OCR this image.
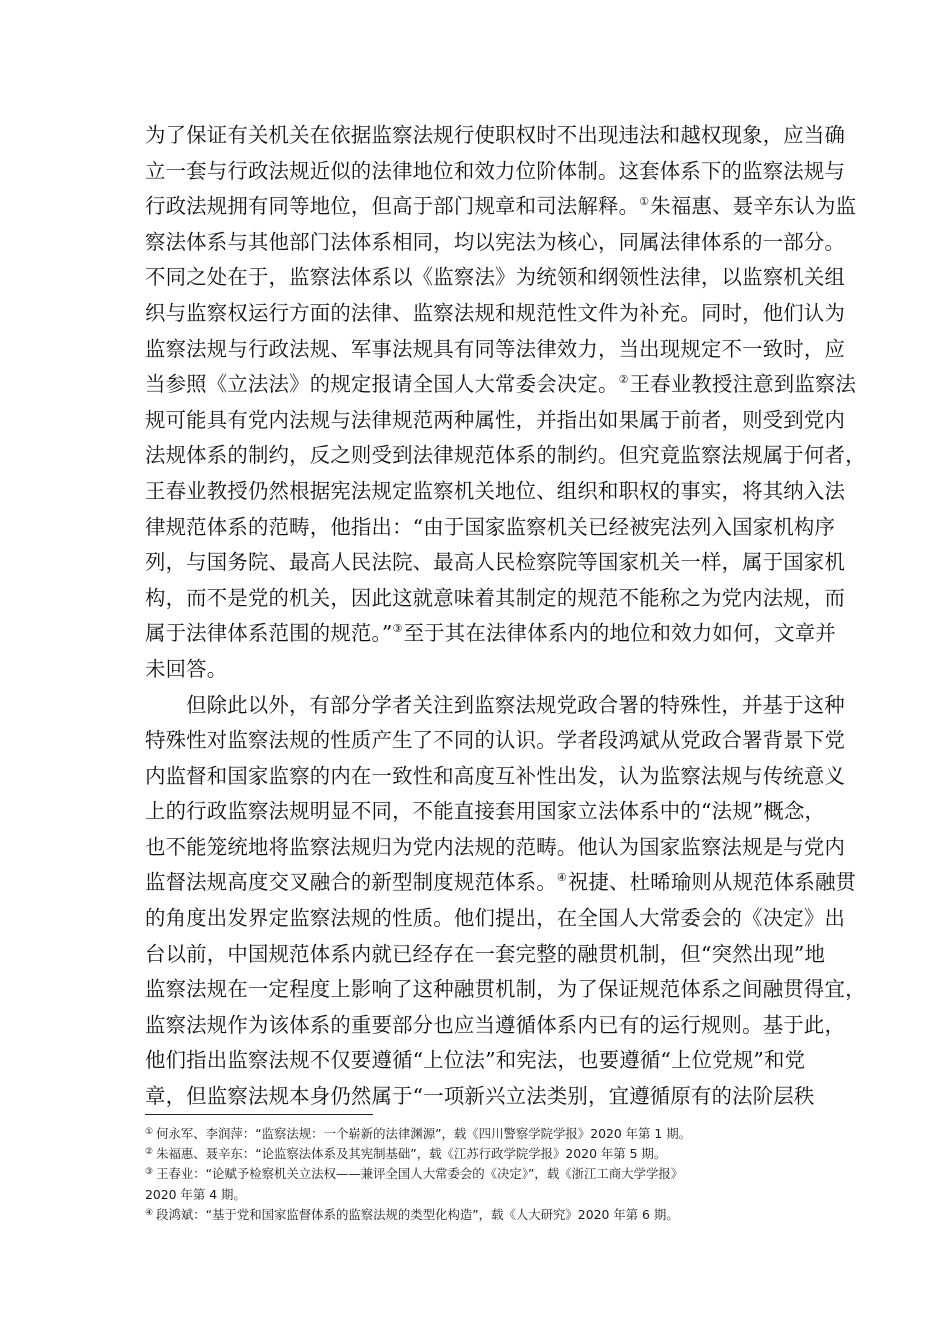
为了保证有关机关在依据监察法规行使职权时不出现违法和越权现象，应当确
立一套与行政法规近似的法律地位和效力位阶体制。这套体系下的监察法规与
行政法规拥有同等地位，但高于部门规章和司法解释。①朱福惠、聂辛东认为监
察法体系与其他部门法体系相同，均以宪法为核心，同属法律体系的一部分。
不同之处在于，监察法体系以《监察法》为统领和纲领性法律，以监察机关组
织与监察权运行方面的法律、监察法规和规范性文件为补充。同时，他们认为
监察法规与行政法规、军事法规具有同等法律效力，当出现规定不一致时，应
当参照《立法法》的规定报请全国人大常委会决定。②王春业教授注意到监察法
规可能具有党内法规与法律规范两种属性，并指出如果属于前者，则受到党内
法规体系的制约，反之则受到法律规范体系的制约。但究竟监察法规属于何者，
王春业教授仍然根据宪法规定监察机关地位、组织和职权的事实，将其纳入法
律规范体系的范畴，他指出：“由于国家监察机关已经被宪法列入国家机构序
列，与国务院、最高人民法院、最高人民检察院等国家机关一样，属于国家机
构，而不是党的机关，因此这就意味着其制定的规范不能称之为党内法规，而
属于法律体系范围的规范。”③至于其在法律体系内的地位和效力如何，文章并
未回答。
但除此以外，有部分学者关注到监察法规党政合署的特殊性，并基于这种
特殊性对监察法规的性质产生了不同的认识。学者段鸿斌从党政合署背景下党
内监督和国家监察的内在一致性和高度互补性出发，认为监察法规与传统意义
上的行政监察法规明显不同，不能直接套用国家立法体系中的“法规”概念，
也不能笼统地将监察法规归为党内法规的范畴。他认为国家监察法规是与党内
监督法规高度交叉融合的新型制度规范体系。④祝捷、杜晞瑜则从规范体系融贯
的角度出发界定监察法规的性质。他们提出，在全国人大常委会的《决定》出
台以前，中国规范体系内就已经存在一套完整的融贯机制，但“突然出现”地
监察法规在一定程度上影响了这种融贯机制，为了保证规范体系之间融贯得宜，
监察法规作为该体系的重要部分也应当遵循体系内已有的运行规则。基于此，
他们指出监察法规不仅要遵循“上位法”和宪法，也要遵循“上位党规”和党
章，但监察法规本身仍然属于“一项新兴立法类别，宜遵循原有的法阶层秩
① 何永军、李润萍：“监察法规：一个崭新的法律渊源”，载《四川警察学院学报》2020 年第 1 期。
② 朱福惠、聂辛东：“论监察法体系及其宪制基础”，载《江苏行政学院学报》2020 年第 5 期。
③ 王春业：“论赋予检察机关立法权——兼评全国人大常委会的《决定》”，载《浙江工商大学学报》
2020 年第 4 期。
④ 段鸿斌：“基于党和国家监督体系的监察法规的类型化构造”，载《人大研究》2020 年第 6 期。
